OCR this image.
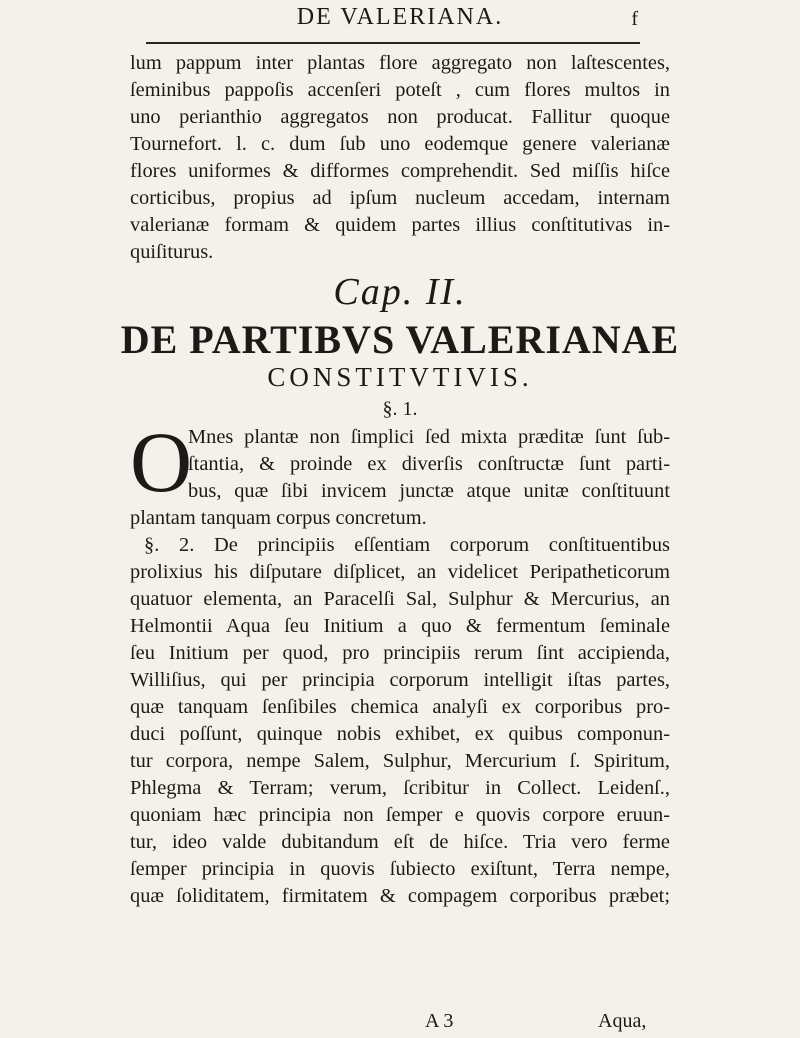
DE VALERIANA.	f
lum pappum inter plantas flore aggregato non laſtescentes,
ſeminibus pappoſis accenſeri poteſt , cum flores multos in
uno perianthio aggregatos non producat. Fallitur quoque
Tournefort. l. c. dum ſub uno eodemque genere valerianæ
flores uniformes & difformes comprehendit. Sed miſſis hiſce
corticibus, propius ad ipſum nucleum accedam, internam
valerianæ formam & quidem partes illius conſtitutivas in-
quiſiturus.
Cap. II.
DE PARTIBVS VALERIANAE
CONSTITVTIVIS.
§. 1.
O
Mnes plantæ non ſimplici ſed mixta præditæ ſunt ſub-
ſtantia, & proinde ex diverſis conſtructæ ſunt parti-
bus, quæ ſibi invicem junctæ atque unitæ conſtituunt
plantam tanquam corpus concretum.
§. 2. De principiis eſſentiam corporum conſtituentibus
prolixius his diſputare diſplicet, an videlicet Peripatheticorum
quatuor elementa, an Paracelſi Sal, Sulphur & Mercurius, an
Helmontii Aqua ſeu Initium a quo & fermentum ſeminale
ſeu Initium per quod, pro principiis rerum ſint accipienda,
Williſius, qui per principia corporum intelligit iſtas partes,
quæ tanquam ſenſibiles chemica analyſi ex corporibus pro-
duci poſſunt, quinque nobis exhibet, ex quibus componun-
tur corpora, nempe Salem, Sulphur, Mercurium ſ. Spiritum,
Phlegma & Terram; verum, ſcribitur in Collect. Leidenſ.,
quoniam hæc principia non ſemper e quovis corpore eruun-
tur, ideo valde dubitandum eſt de hiſce. Tria vero ferme
ſemper principia in quovis ſubiecto exiſtunt, Terra nempe,
quæ ſoliditatem, firmitatem & compagem corporibus præbet;
A 3	Aqua,
